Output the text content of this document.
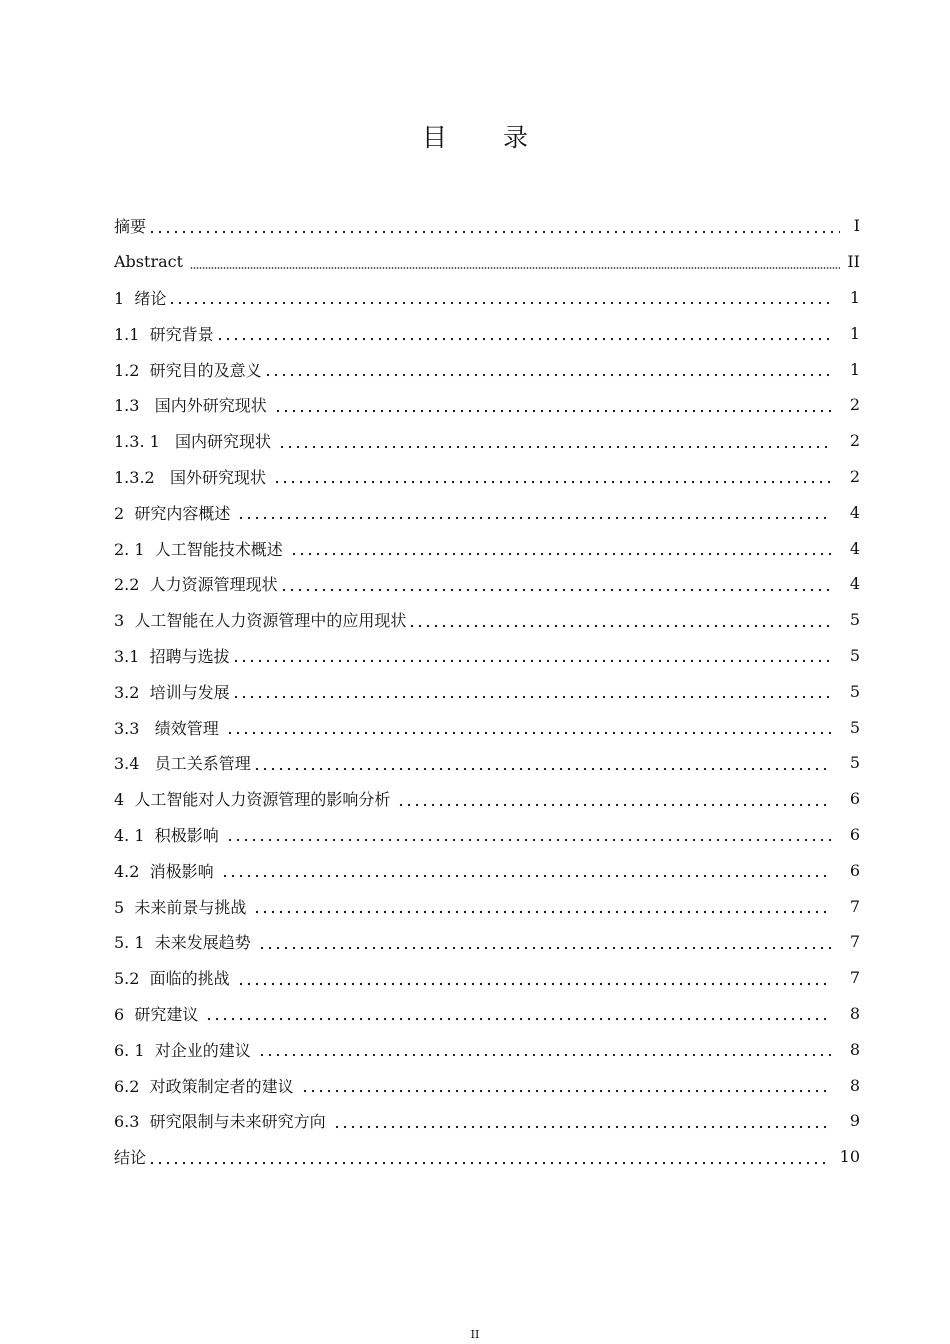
目 录
摘要	I
Abstract	II
1  绪论	1
1.1  研究背景	1
1.2  研究目的及意义	1
1.3   国内外研究现状	2
1.3. 1   国内研究现状	2
1.3.2   国外研究现状	2
2  研究内容概述	4
2. 1  人工智能技术概述	4
2.2  人力资源管理现状	4
3  人工智能在人力资源管理中的应用现状	5
3.1  招聘与选拔	5
3.2  培训与发展	5
3.3   绩效管理	5
3.4   员工关系管理	5
4  人工智能对人力资源管理的影响分析	6
4. 1  积极影响	6
4.2  消极影响	6
5  未来前景与挑战	7
5. 1  未来发展趋势	7
5.2  面临的挑战	7
6  研究建议	8
6. 1  对企业的建议	8
6.2  对政策制定者的建议	8
6.3  研究限制与未来研究方向	9
结论	10
II
